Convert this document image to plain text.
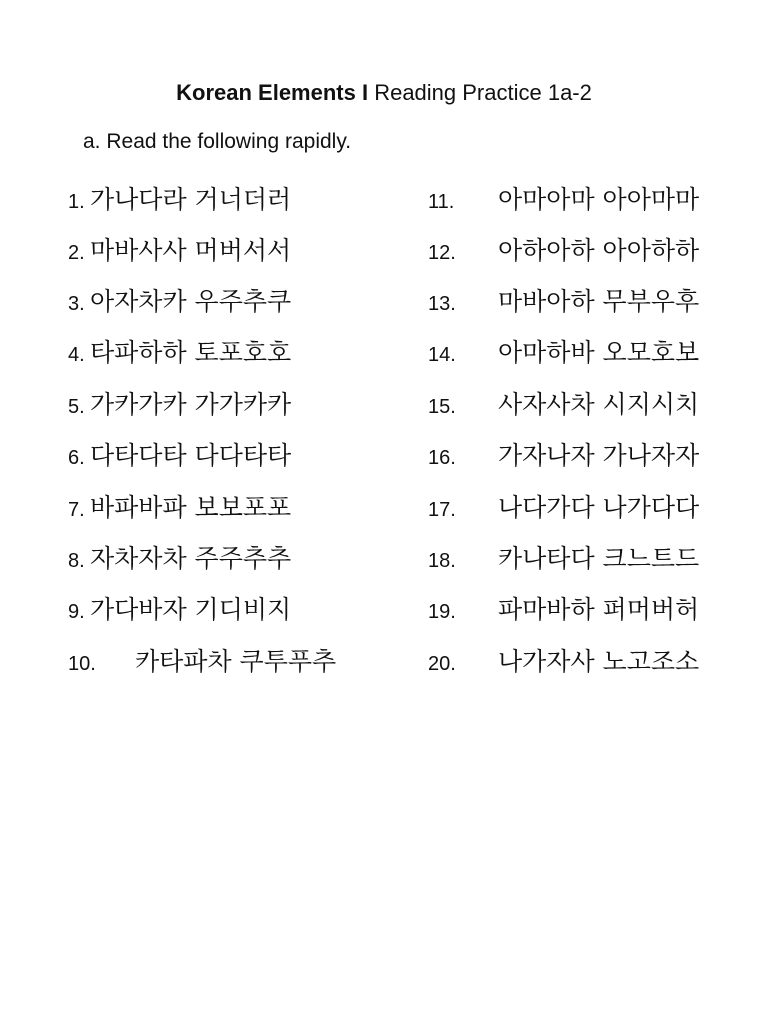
Korean Elements I Reading Practice 1a-2
a. Read the following rapidly.
1. 가나다라 거너더러
2. 마바사사 머버서서
3. 아자차카 우주추쿠
4. 타파하하 토포호호
5. 가카가카 가가카카
6. 다타다타 다다타타
7. 바파바파 보보포포
8. 자차자차 주주추추
9. 가다바자 기디비지
10. 카타파차 쿠투푸추
11. 아마아마 아아마마
12. 아하아하 아아하하
13. 마바아하 무부우후
14. 아마하바 오모호보
15. 사자사차 시지시치
16. 가자나자 가나자자
17. 나다가다 나가다다
18. 카나타다 크느트드
19. 파마바하 퍼머버허
20. 나가자사 노고조소
